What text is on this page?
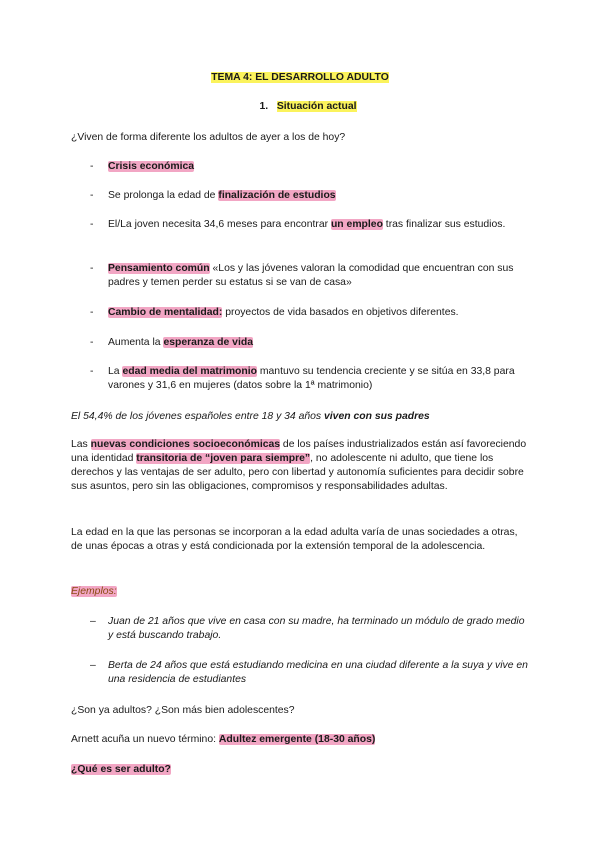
TEMA 4: EL DESARROLLO ADULTO
1. Situación actual
¿Viven de forma diferente los adultos de ayer a los de hoy?
- Crisis económica
- Se prolonga la edad de finalización de estudios
- El/La joven necesita 34,6 meses para encontrar un empleo tras finalizar sus estudios.
- Pensamiento común «Los y las jóvenes valoran la comodidad que encuentran con sus padres y temen perder su estatus si se van de casa»
- Cambio de mentalidad: proyectos de vida basados en objetivos diferentes.
- Aumenta la esperanza de vida
- La edad media del matrimonio mantuvo su tendencia creciente y se sitúa en 33,8 para varones y 31,6 en mujeres (datos sobre la 1ª matrimonio)
El 54,4% de los jóvenes españoles entre 18 y 34 años viven con sus padres
Las nuevas condiciones socioeconómicas de los países industrializados están así favoreciendo una identidad transitoria de “joven para siempre”, no adolescente ni adulto, que tiene los derechos y las ventajas de ser adulto, pero con libertad y autonomía suficientes para decidir sobre sus asuntos, pero sin las obligaciones, compromisos y responsabilidades adultas.
La edad en la que las personas se incorporan a la edad adulta varía de unas sociedades a otras, de unas épocas a otras y está condicionada por la extensión temporal de la adolescencia.
Ejemplos:
– Juan de 21 años que vive en casa con su madre, ha terminado un módulo de grado medio y está buscando trabajo.
– Berta de 24 años que está estudiando medicina en una ciudad diferente a la suya y vive en una residencia de estudiantes
¿Son ya adultos? ¿Son más bien adolescentes?
Arnett acuña un nuevo término: Adultez emergente (18-30 años)
¿Qué es ser adulto?
